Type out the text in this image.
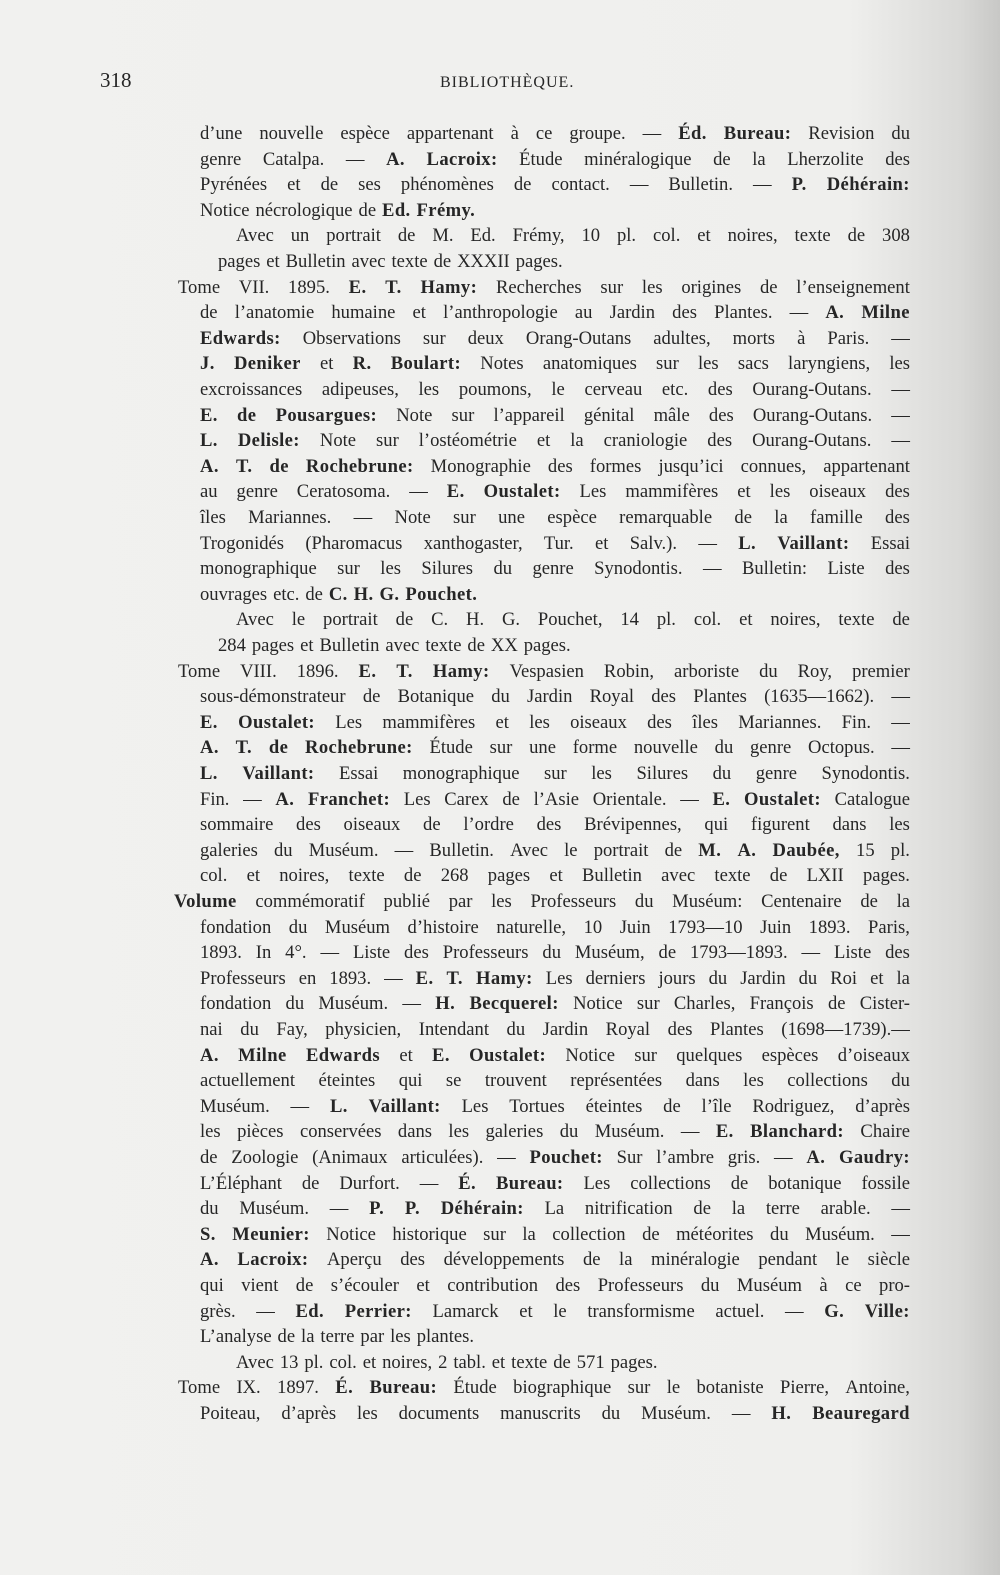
318	BIBLIOTHÈQUE.
d’une nouvelle espèce appartenant à ce groupe. — Éd. Bureau: Revision du
genre Catalpa. — A. Lacroix: Étude minéralogique de la Lherzolite des
Pyrénées et de ses phénomènes de contact. — Bulletin. — P. Déhérain:
Notice nécrologique de Ed. Frémy.
Avec un portrait de M. Ed. Frémy, 10 pl. col. et noires, texte de 308
pages et Bulletin avec texte de XXXII pages.
Tome VII. 1895. E. T. Hamy: Recherches sur les origines de l’enseignement
de l’anatomie humaine et l’anthropologie au Jardin des Plantes. — A. Milne
Edwards: Observations sur deux Orang-Outans adultes, morts à Paris. —
J. Deniker et R. Boulart: Notes anatomiques sur les sacs laryngiens, les
excroissances adipeuses, les poumons, le cerveau etc. des Ourang-Outans. —
E. de Pousargues: Note sur l’appareil génital mâle des Ourang-Outans. —
L. Delisle: Note sur l’ostéométrie et la craniologie des Ourang-Outans. —
A. T. de Rochebrune: Monographie des formes jusqu’ici connues, appartenant
au genre Ceratosoma. — E. Oustalet: Les mammifères et les oiseaux des
îles Mariannes. — Note sur une espèce remarquable de la famille des
Trogonidés (Pharomacus xanthogaster, Tur. et Salv.). — L. Vaillant: Essai
monographique sur les Silures du genre Synodontis. — Bulletin: Liste des
ouvrages etc. de C. H. G. Pouchet.
Avec le portrait de C. H. G. Pouchet, 14 pl. col. et noires, texte de
284 pages et Bulletin avec texte de XX pages.
Tome VIII. 1896. E. T. Hamy: Vespasien Robin, arboriste du Roy, premier
sous-démonstrateur de Botanique du Jardin Royal des Plantes (1635—1662). —
E. Oustalet: Les mammifères et les oiseaux des îles Mariannes. Fin. —
A. T. de Rochebrune: Étude sur une forme nouvelle du genre Octopus. —
L. Vaillant: Essai monographique sur les Silures du genre Synodontis.
Fin. — A. Franchet: Les Carex de l’Asie Orientale. — E. Oustalet: Catalogue
sommaire des oiseaux de l’ordre des Brévipennes, qui figurent dans les
galeries du Muséum. — Bulletin. Avec le portrait de M. A. Daubée, 15 pl.
col. et noires, texte de 268 pages et Bulletin avec texte de LXII pages.
Volume commémoratif publié par les Professeurs du Muséum: Centenaire de la
fondation du Muséum d’histoire naturelle, 10 Juin 1793—10 Juin 1893. Paris,
1893. In 4°. — Liste des Professeurs du Muséum, de 1793—1893. — Liste des
Professeurs en 1893. — E. T. Hamy: Les derniers jours du Jardin du Roi et la
fondation du Muséum. — H. Becquerel: Notice sur Charles, François de Cister-
nai du Fay, physicien, Intendant du Jardin Royal des Plantes (1698—1739).—
A. Milne Edwards et E. Oustalet: Notice sur quelques espèces d’oiseaux
actuellement éteintes qui se trouvent représentées dans les collections du
Muséum. — L. Vaillant: Les Tortues éteintes de l’île Rodriguez, d’après
les pièces conservées dans les galeries du Muséum. — E. Blanchard: Chaire
de Zoologie (Animaux articulées). — Pouchet: Sur l’ambre gris. — A. Gaudry:
L’Éléphant de Durfort. — É. Bureau: Les collections de botanique fossile
du Muséum. — P. P. Déhérain: La nitrification de la terre arable. —
S. Meunier: Notice historique sur la collection de météorites du Muséum. —
A. Lacroix: Aperçu des développements de la minéralogie pendant le siècle
qui vient de s’écouler et contribution des Professeurs du Muséum à ce pro-
grès. — Ed. Perrier: Lamarck et le transformisme actuel. — G. Ville:
L’analyse de la terre par les plantes.
Avec 13 pl. col. et noires, 2 tabl. et texte de 571 pages.
Tome IX. 1897. É. Bureau: Étude biographique sur le botaniste Pierre, Antoine,
Poiteau, d’après les documents manuscrits du Muséum. — H. Beauregard
